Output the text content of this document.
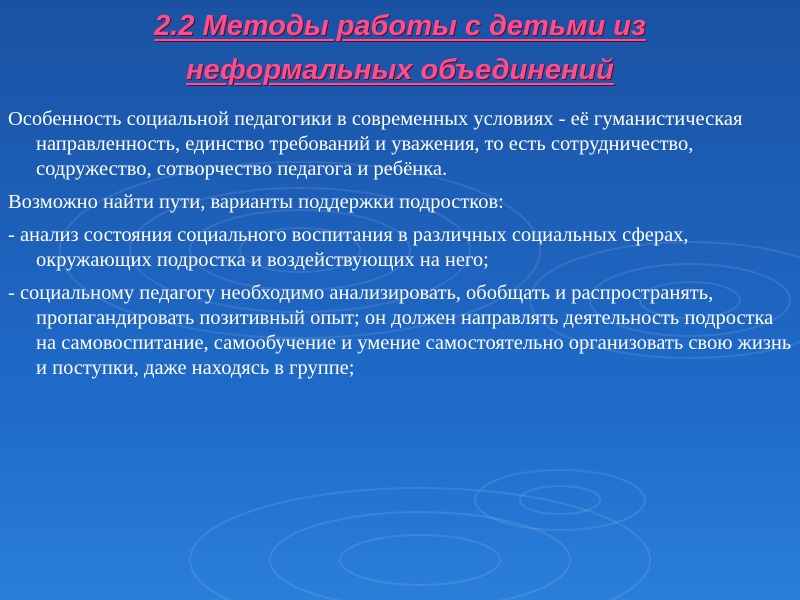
2.2 Методы работы с детьми из
неформальных объединений

Особенность социальной педагогики в современных условиях - её гуманистическая направленность, единство требований и уважения, то есть сотрудничество, содружество, сотворчество педагога и ребёнка.

Возможно найти пути, варианты поддержки подростков:

- анализ состояния социального воспитания в различных социальных сферах, окружающих подростка и воздействующих на него;

- социальному педагогу необходимо анализировать, обобщать и распространять, пропагандировать позитивный опыт; он должен направлять деятельность подростка на самовоспитание, самообучение и умение самостоятельно организовать свою жизнь и поступки, даже находясь в группе;
